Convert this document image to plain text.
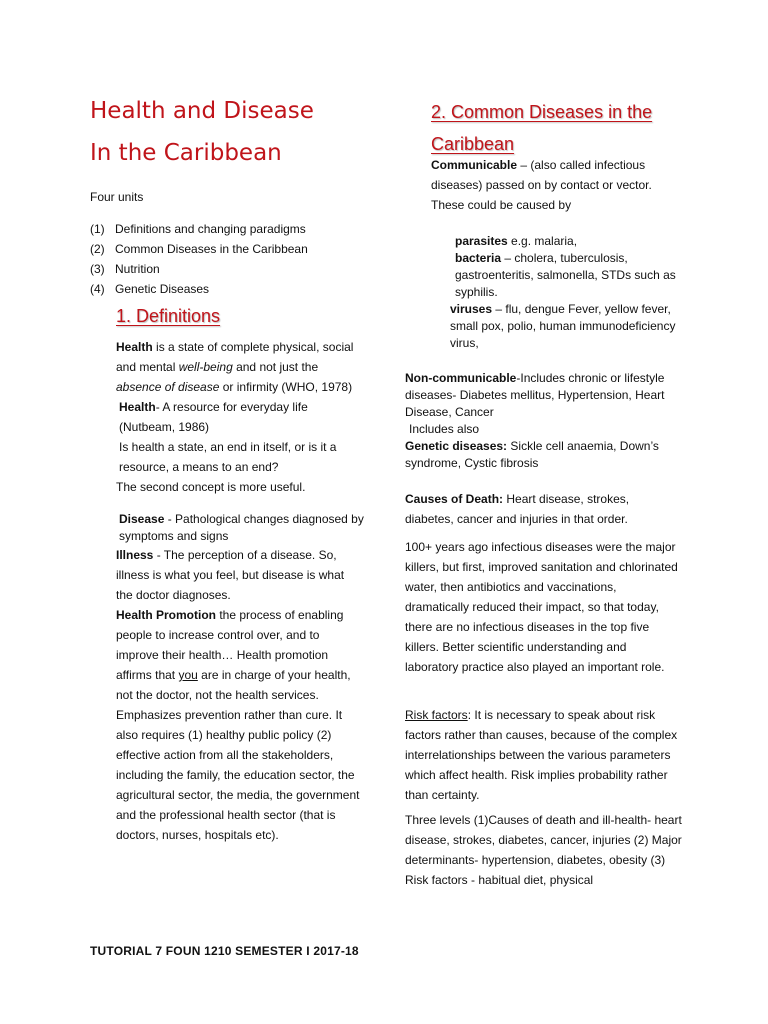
Health and Disease
In the Caribbean
Four units
(1) Definitions and changing paradigms
(2) Common Diseases in the Caribbean
(3) Nutrition
(4) Genetic Diseases
1. Definitions
Health is a state of complete physical, social and mental well-being and not just the absence of disease or infirmity (WHO, 1978)
Health- A resource for everyday life (Nutbeam, 1986)
Is health a state, an end in itself, or is it a resource, a means to an end?
The second concept is more useful.
Disease - Pathological changes diagnosed by symptoms and signs
Illness - The perception of a disease. So, illness is what you feel, but disease is what the doctor diagnoses.
Health Promotion the process of enabling people to increase control over, and to improve their health… Health promotion affirms that you are in charge of your health, not the doctor, not the health services. Emphasizes prevention rather than cure. It also requires (1) healthy public policy (2) effective action from all the stakeholders, including the family, the education sector, the agricultural sector, the media, the government and the professional health sector (that is doctors, nurses, hospitals etc).
2. Common Diseases in the
Caribbean
Communicable – (also called infectious diseases) passed on by contact or vector. These could be caused by
parasites e.g. malaria,
bacteria – cholera, tuberculosis, gastroenteritis, salmonella, STDs such as syphilis.
viruses – flu, dengue Fever, yellow fever, small pox, polio, human immunodeficiency virus,
Non-communicable-Includes chronic or lifestyle diseases- Diabetes mellitus, Hypertension, Heart Disease, Cancer
Includes also
Genetic diseases: Sickle cell anaemia, Down’s syndrome, Cystic fibrosis
Causes of Death: Heart disease, strokes, diabetes, cancer and injuries in that order.
100+ years ago infectious diseases were the major killers, but first, improved sanitation and chlorinated water, then antibiotics and vaccinations, dramatically reduced their impact, so that today, there are no infectious diseases in the top five killers. Better scientific understanding and laboratory practice also played an important role.
Risk factors: It is necessary to speak about risk factors rather than causes, because of the complex interrelationships between the various parameters which affect health. Risk implies probability rather than certainty.
Three levels (1)Causes of death and ill-health- heart disease, strokes, diabetes, cancer, injuries (2) Major determinants- hypertension, diabetes, obesity (3) Risk factors - habitual diet, physical
TUTORIAL 7 FOUN 1210 SEMESTER I 2017-18
